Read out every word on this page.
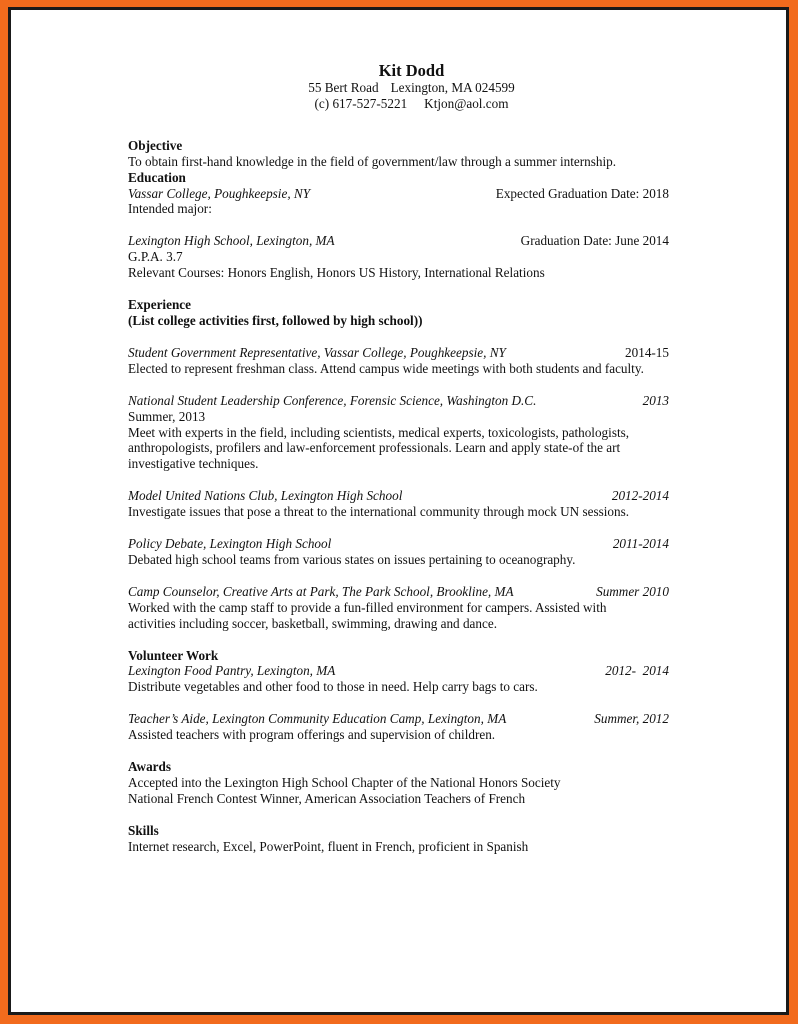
Kit Dodd
55 Bert Road Lexington, MA 024599
(c) 617-527-5221 Ktjon@aol.com
Objective
To obtain first-hand knowledge in the field of government/law through a summer internship.
Education
Vassar College, Poughkeepsie, NY	Expected Graduation Date: 2018
Intended major:
Lexington High School, Lexington, MA	Graduation Date: June 2014
G.P.A. 3.7
Relevant Courses: Honors English, Honors US History, International Relations
Experience
(List college activities first, followed by high school))
Student Government Representative, Vassar College, Poughkeepsie, NY	2014-15
Elected to represent freshman class. Attend campus wide meetings with both students and faculty.
National Student Leadership Conference, Forensic Science, Washington D.C.	2013
Summer, 2013
Meet with experts in the field, including scientists, medical experts, toxicologists, pathologists,
anthropologists, profilers and law-enforcement professionals. Learn and apply state-of the art
investigative techniques.
Model United Nations Club, Lexington High School	2012-2014
Investigate issues that pose a threat to the international community through mock UN sessions.
Policy Debate, Lexington High School	2011-2014
Debated high school teams from various states on issues pertaining to oceanography.
Camp Counselor, Creative Arts at Park, The Park School, Brookline, MA	Summer 2010
Worked with the camp staff to provide a fun-filled environment for campers. Assisted with
activities including soccer, basketball, swimming, drawing and dance.
Volunteer Work
Lexington Food Pantry, Lexington, MA	2012-  2014
Distribute vegetables and other food to those in need. Help carry bags to cars.
Teacher’s Aide, Lexington Community Education Camp, Lexington, MA	Summer, 2012
Assisted teachers with program offerings and supervision of children.
Awards
Accepted into the Lexington High School Chapter of the National Honors Society
National French Contest Winner, American Association Teachers of French
Skills
Internet research, Excel, PowerPoint, fluent in French, proficient in Spanish
